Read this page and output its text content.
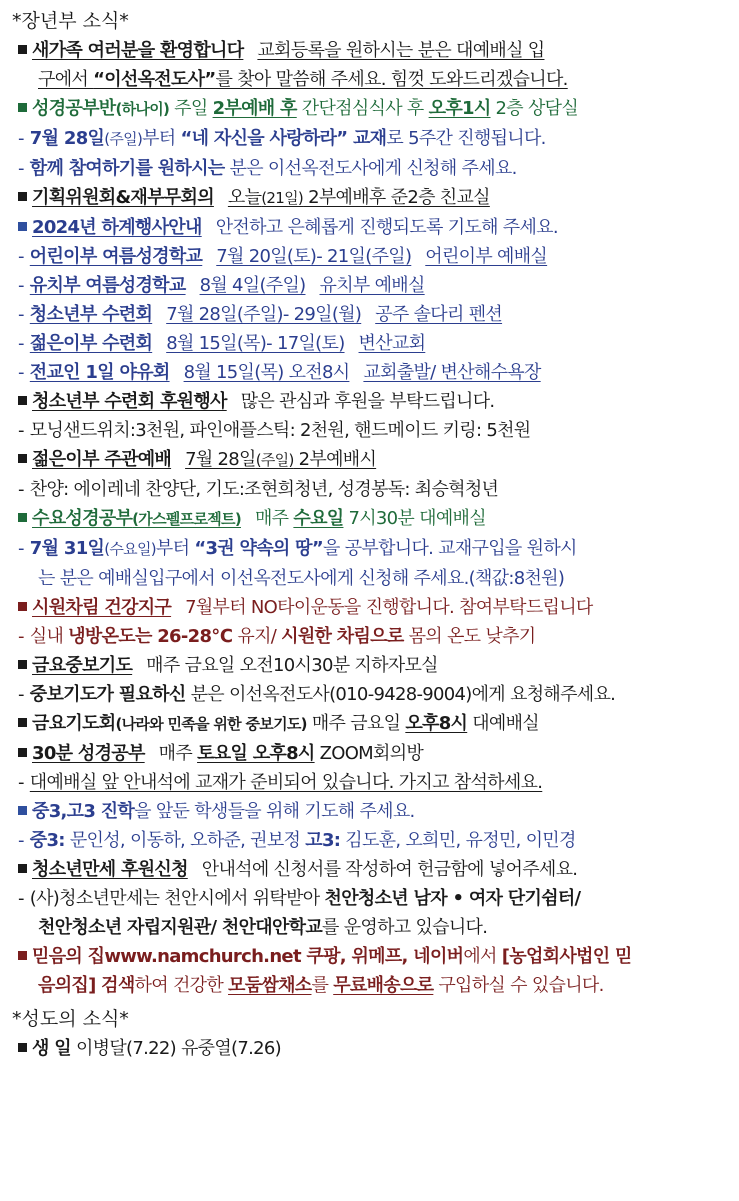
*장년부 소식*
새가족 여러분을 환영합니다 교회등록을 원하시는 분은 대예배실 입
구에서 “이선옥전도사”를 찾아 말씀해 주세요. 힘껏 도와드리겠습니다.
성경공부반(하나이) 주일 2부예배 후 간단점심식사 후 오후1시 2층 상담실
- 7월 28일(주일)부터 “네 자신을 사랑하라” 교재로 5주간 진행됩니다.
- 함께 참여하기를 원하시는 분은 이선옥전도사에게 신청해 주세요.
기획위원회&재부무회의 오늘(21일) 2부예배후 준2층 친교실
2024년 하계행사안내 안전하고 은혜롭게 진행되도록 기도해 주세요.
- 어린이부 여름성경학교 7월 20일(토)- 21일(주일) 어린이부 예배실
- 유치부 여름성경학교 8월 4일(주일) 유치부 예배실
- 청소년부 수련회 7월 28일(주일)- 29일(월) 공주 솔다리 펜션
- 젊은이부 수련회 8월 15일(목)- 17일(토) 변산교회
- 전교인 1일 야유회 8월 15일(목) 오전8시 교회출발/ 변산해수욕장
청소년부 수련회 후원행사 많은 관심과 후원을 부탁드립니다.
- 모닝샌드위치:3천원, 파인애플스틱: 2천원, 핸드메이드 키링: 5천원
젊은이부 주관예배 7월 28일(주일) 2부예배시
- 찬양: 에이레네 찬양단, 기도:조현희청년, 성경봉독: 최승혁청년
수요성경공부(가스펠프로젝트) 매주 수요일 7시30분 대예배실
- 7월 31일(수요일)부터 “3권 약속의 땅”을 공부합니다. 교재구입을 원하시
는 분은 예배실입구에서 이선옥전도사에게 신청해 주세요.(책값:8천원)
시원차림 건강지구 7월부터 NO타이운동을 진행합니다. 참여부탁드립니다
- 실내 냉방온도는 26-28℃ 유지/ 시원한 차림으로 몸의 온도 낮추기
금요중보기도 매주 금요일 오전10시30분 지하자모실
- 중보기도가 필요하신 분은 이선옥전도사(010-9428-9004)에게 요청해주세요.
금요기도회(나라와 민족을 위한 중보기도) 매주 금요일 오후8시 대예배실
30분 성경공부 매주 토요일 오후8시 ZOOM회의방
- 대예배실 앞 안내석에 교재가 준비되어 있습니다. 가지고 참석하세요.
중3,고3 진학을 앞둔 학생들을 위해 기도해 주세요.
- 중3: 문인성, 이동하, 오하준, 권보정 고3: 김도훈, 오희민, 유정민, 이민경
청소년만세 후원신청 안내석에 신청서를 작성하여 헌금함에 넣어주세요.
- (사)청소년만세는 천안시에서 위탁받아 천안청소년 남자 • 여자 단기쉼터/
천안청소년 자립지원관/ 천안대안학교를 운영하고 있습니다.
믿음의 집www.namchurch.net 쿠팡, 위메프, 네이버에서 [농업회사법인 믿
음의집] 검색하여 건강한 모둠쌈채소를 무료배송으로 구입하실 수 있습니다.
*성도의 소식*
생 일 이병달(7.22) 유중열(7.26)
